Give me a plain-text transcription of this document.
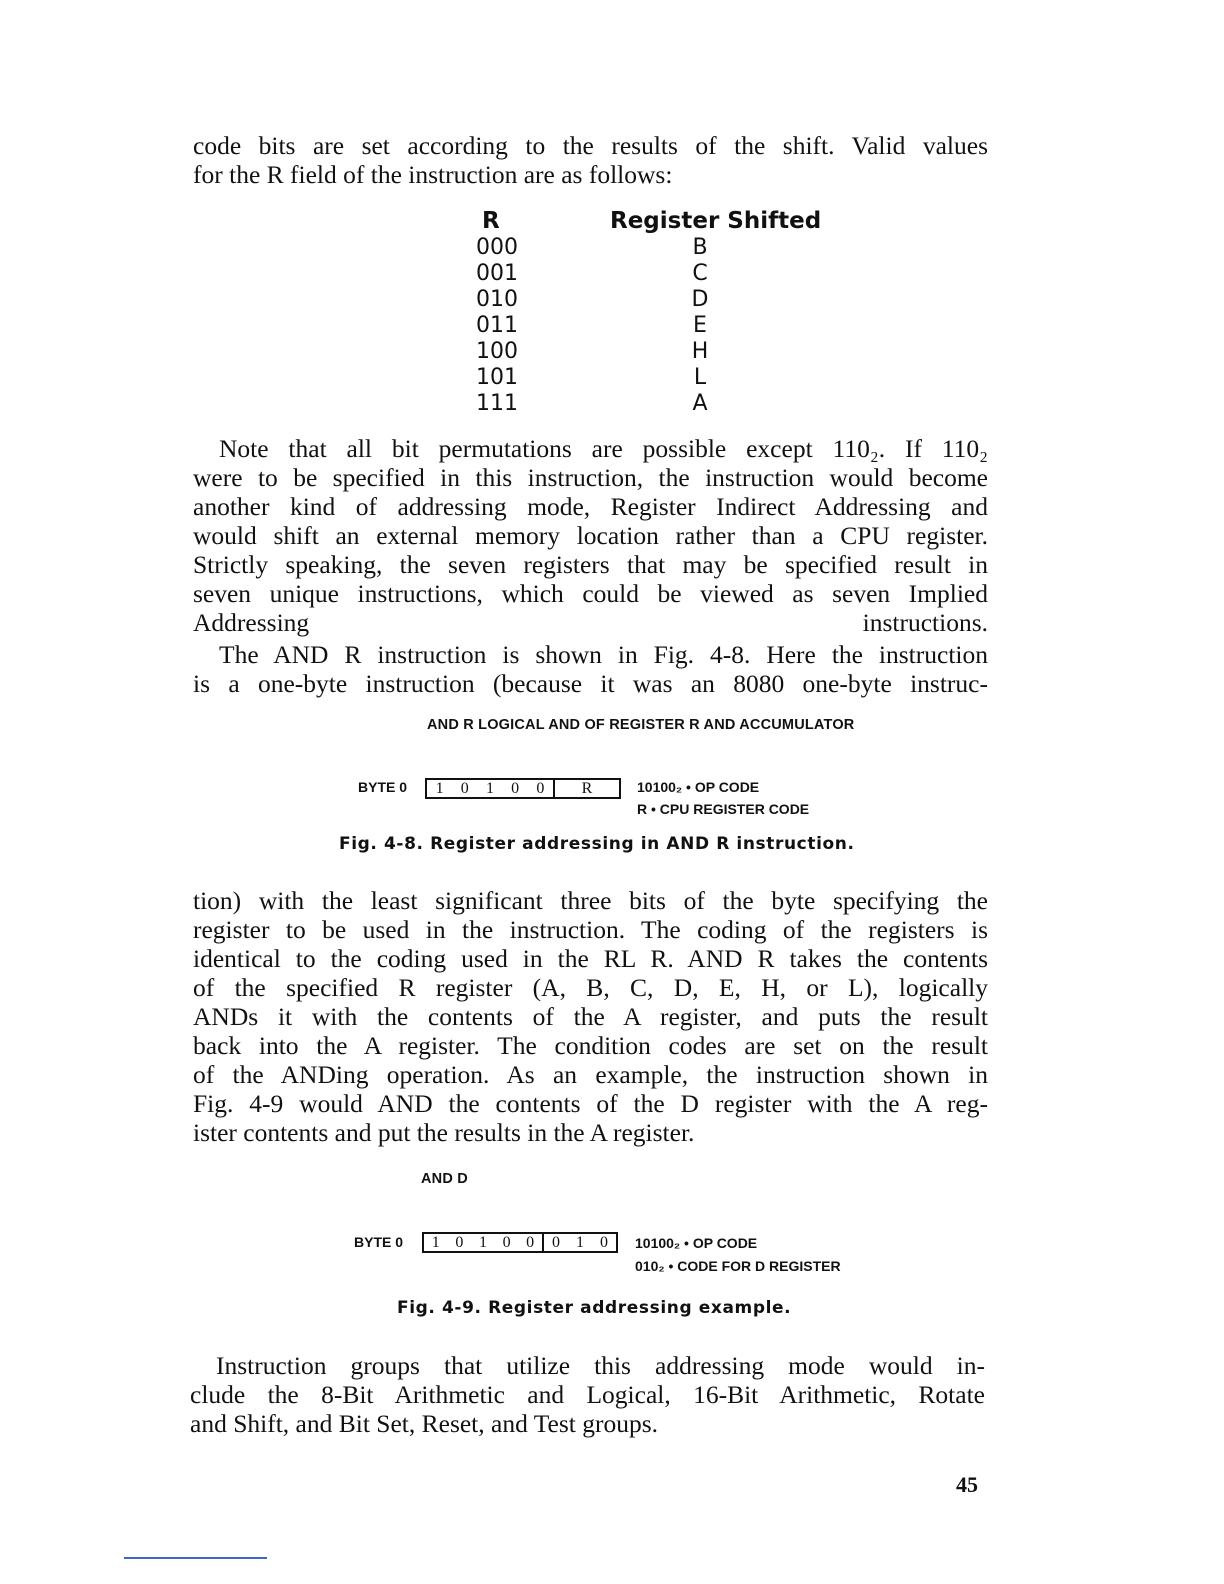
code bits are set according to the results of the shift. Valid values
for the R field of the instruction are as follows:
R	Register Shifted
000	B
001	C
010	D
011	E
100	H
101	L
111	A
Note that all bit permutations are possible except 110₂. If 110₂
were to be specified in this instruction, the instruction would become
another kind of addressing mode, Register Indirect Addressing and
would shift an external memory location rather than a CPU register.
Strictly speaking, the seven registers that may be specified result in
seven unique instructions, which could be viewed as seven Implied
Addressing instructions.
The AND R instruction is shown in Fig. 4-8. Here the instruction
is a one-byte instruction (because it was an 8080 one-byte instruc-
AND R LOGICAL AND OF REGISTER R AND ACCUMULATOR
BYTE 0 1 0 1 0 0 R	10100₂ • OP CODE
R • CPU REGISTER CODE
Fig. 4-8. Register addressing in AND R instruction.
tion) with the least significant three bits of the byte specifying the
register to be used in the instruction. The coding of the registers is
identical to the coding used in the RL R. AND R takes the contents
of the specified R register (A, B, C, D, E, H, or L), logically
ANDs it with the contents of the A register, and puts the result
back into the A register. The condition codes are set on the result
of the ANDing operation. As an example, the instruction shown in
Fig. 4-9 would AND the contents of the D register with the A reg-
ister contents and put the results in the A register.
AND D
BYTE 0 1 0 1 0 0 0 1 0 10100₂ • OP CODE
010₂ • CODE FOR D REGISTER
Fig. 4-9. Register addressing example.
Instruction groups that utilize this addressing mode would in-
clude the 8-Bit Arithmetic and Logical, 16-Bit Arithmetic, Rotate
and Shift, and Bit Set, Reset, and Test groups.
45
